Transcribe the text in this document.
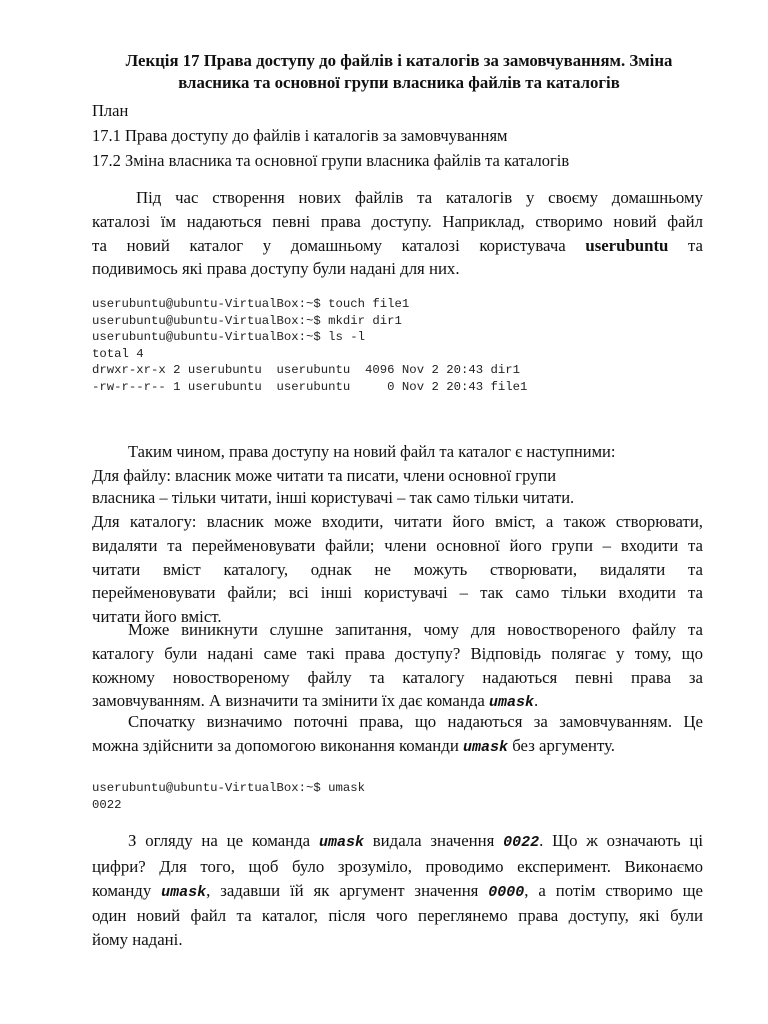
Лекція 17 Права доступу до файлів і каталогів за замовчуванням. Зміна
власника та основної групи власника файлів та каталогів
План
17.1 Права доступу до файлів і каталогів за замовчуванням
17.2 Зміна власника та основної групи власника файлів та каталогів
Під час створення нових файлів та каталогів у своєму домашньому
каталозі їм надаються певні права доступу. Наприклад, створимо новий файл
та новий каталог у домашньому каталозі користувача userubuntu та
подивимось які права доступу були надані для них.
userubuntu@ubuntu-VirtualBox:~$ touch file1
userubuntu@ubuntu-VirtualBox:~$ mkdir dir1
userubuntu@ubuntu-VirtualBox:~$ ls -l
total 4
drwxr-xr-x 2 userubuntu  userubuntu  4096 Nov 2 20:43 dir1
-rw-r--r-- 1 userubuntu  userubuntu     0 Nov 2 20:43 file1
Таким чином, права доступу на новий файл та каталог є наступними:
Для файлу: власник може читати та писати, члени основної групи
власника – тільки читати, інші користувачі – так само тільки читати.
Для каталогу: власник може входити, читати його вміст, а також створювати,
видаляти та перейменовувати файли; члени основної його групи – входити та
читати вміст каталогу, однак не можуть створювати, видаляти та
перейменовувати файли; всі інші користувачі – так само тільки входити та
читати його вміст.
Може виникнути слушне запитання, чому для новоствореного файлу та
каталогу були надані саме такі права доступу? Відповідь полягає у тому, що
кожному новоствореному файлу та каталогу надаються певні права за
замовчуванням. А визначити та змінити їх дає команда umask.
Спочатку визначимо поточні права, що надаються за замовчуванням. Це
можна здійснити за допомогою виконання команди umask без аргументу.
userubuntu@ubuntu-VirtualBox:~$ umask
0022
З огляду на це команда umask видала значення 0022. Що ж означають ці
цифри? Для того, щоб було зрозуміло, проводимо експеримент. Виконаємо
команду umask, задавши їй як аргумент значення 0000, а потім створимо ще
один новий файл та каталог, після чого переглянемо права доступу, які були
йому надані.
